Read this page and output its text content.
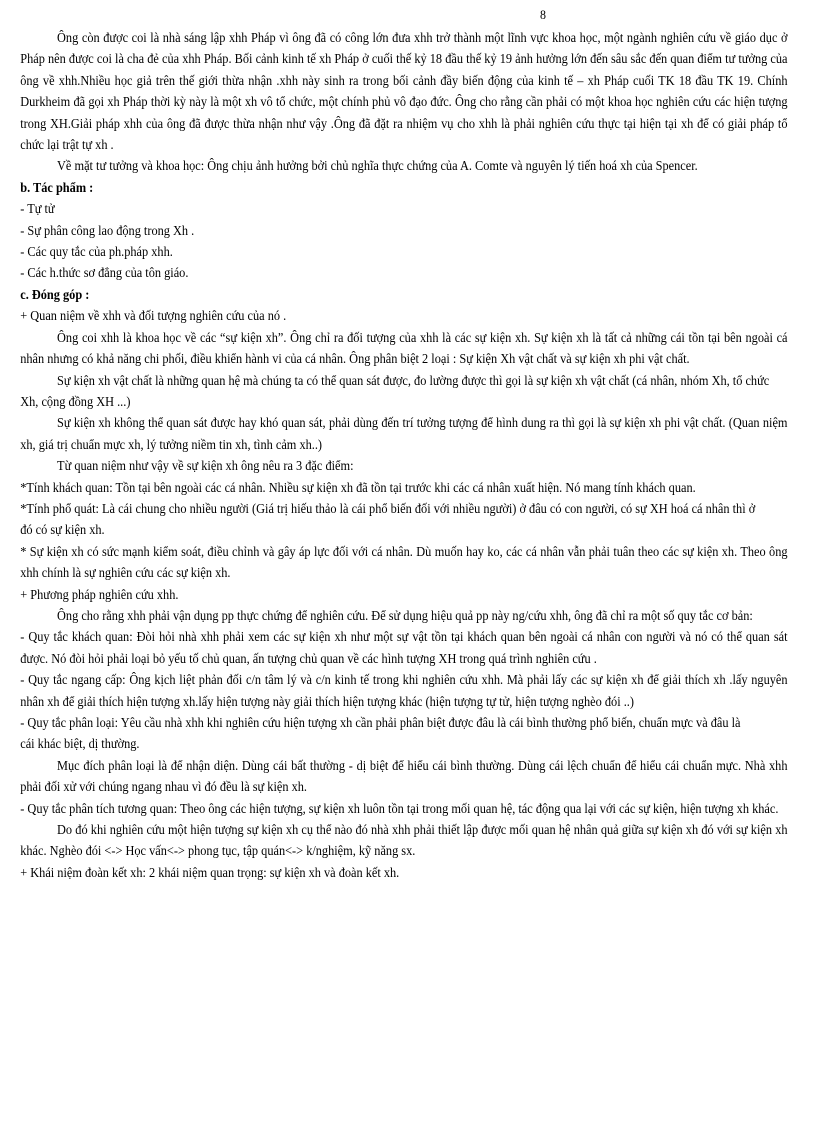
8

Ông còn được coi là nhà sáng lập xhh Pháp vì ông đã có công lớn đưa xhh trở thành một lĩnh vực khoa học, một ngành nghiên cứu về giáo dục ở Pháp nên được coi là cha đẻ của xhh Pháp. Bối cảnh kinh tế xh Pháp ở cuối thế kỷ 18 đầu thế kỷ 19 ảnh hưởng lớn đến sâu sắc đến quan điểm tư tưởng của ông về xhh.Nhiều học giả trên thế giới thừa nhận .xhh này sinh ra trong bối cảnh đầy biến động của kinh tế – xh Pháp cuối TK 18 đầu TK 19. Chính Durkheim đã gọi xh Pháp thời kỳ này là một xh vô tổ chức, một chính phủ vô đạo đức. Ông cho rằng cần phải có một khoa học nghiên cứu các hiện tượng trong XH.Giải pháp xhh của ông đã được thừa nhận như vậy .Ông đã đặt ra nhiệm vụ cho xhh là phải nghiên cứu thực tại hiện tại xh để có giải pháp tổ chức lại trật tự xh .

Về mặt tư tưởng và khoa học: Ông chịu ảnh hưởng bởi chủ nghĩa thực chứng của A. Comte và nguyên lý tiến hoá xh của Spencer.

b. Tác phẩm :

- Tự tử

- Sự phân công lao động trong Xh .

- Các quy tắc của ph.pháp xhh.

- Các h.thức sơ đẳng của tôn giáo.

c. Đóng góp :

+ Quan niệm về xhh và đối tượng nghiên cứu của nó .

Ông coi xhh là khoa học về các “sự kiện xh”. Ông chỉ ra đối tượng của xhh là các sự kiện xh. Sự kiện xh là tất cả những cái tồn tại bên ngoài cá nhân nhưng có khả năng chi phối, điều khiển hành vi của cá nhân. Ông phân biệt 2 loại : Sự kiện Xh vật chất và sự kiện xh phi vật chất.

Sự kiện xh vật chất là những quan hệ mà chúng ta có thể quan sát được, đo lường được thì gọi là sự kiện xh vật chất (cá nhân, nhóm Xh, tổ chức

Xh, cộng đồng XH ...)

Sự kiện xh không thể quan sát được hay khó quan sát, phải dùng đến trí tưởng tượng để hình dung ra thì gọi là sự kiện xh phi vật chất. (Quan niệm xh, giá trị chuẩn mực xh, lý tưởng niềm tin xh, tình cảm xh..)

Từ quan niệm như vậy về sự kiện xh ông nêu ra 3 đặc điểm:

*Tính khách quan: Tồn tại bên ngoài các cá nhân. Nhiều sự kiện xh đã tồn tại trước khi các cá nhân xuất hiện. Nó mang tính khách quan.

*Tính phổ quát: Là cái chung cho nhiều người (Giá trị hiếu thảo là cái phổ biến đối với nhiều người) ở đâu có con người, có sự XH hoá cá nhân thì ở

đó có sự kiện xh.

* Sự kiện xh có sức mạnh kiểm soát, điều chỉnh và gây áp lực đối với cá nhân. Dù muốn hay ko, các cá nhân vẫn phải tuân theo các sự kiện xh. Theo ông xhh chính là sự nghiên cứu các sự kiện xh.

+ Phương pháp nghiên cứu xhh.

Ông cho rằng xhh phải vận dụng pp thực chứng để nghiên cứu. Để sử dụng hiệu quả pp này ng/cứu xhh, ông đã chỉ ra một số quy tắc cơ bản:

- Quy tắc khách quan: Đòi hỏi nhà xhh phải xem các sự kiện xh như một sự vật tồn tại khách quan bên ngoài cá nhân con người và nó có thể quan sát được. Nó đòi hỏi phải loại bỏ yếu tố chủ quan, ấn tượng chủ quan về các hình tượng XH trong quá trình nghiên cứu .

- Quy tắc ngang cấp: Ông kịch liệt phản đối c/n tâm lý và c/n kinh tế trong khi nghiên cứu xhh. Mà phải lấy các sự kiện xh để giải thích xh .lấy nguyên nhân xh để giải thích hiện tượng xh.lấy hiện tượng này giải thích hiện tượng khác (hiện tượng tự tử, hiện tượng nghèo đói ..)

- Quy tắc phân loại: Yêu cầu nhà xhh khi nghiên cứu hiện tượng xh cần phải phân biệt được đâu là cái bình thường phổ biến, chuẩn mực và đâu là

cái khác biệt, dị thường.

Mục đích phân loại là để nhận diện. Dùng cái bất thường - dị biệt để hiểu cái bình thường. Dùng cái lệch chuẩn để hiểu cái chuẩn mực. Nhà xhh phải đối xử với chúng ngang nhau vì đó đều là sự kiện xh.

- Quy tắc phân tích tương quan: Theo ông các hiện tượng, sự kiện xh luôn tồn tại trong mối quan hệ, tác động qua lại với các sự kiện, hiện tượng xh khác.

Do đó khi nghiên cứu một hiện tượng sự kiện xh cụ thể nào đó nhà xhh phải thiết lập được mối quan hệ nhân quả giữa sự kiện xh đó với sự kiện xh khác. Nghèo đói <-> Học vấn<-> phong tục, tập quán<-> k/nghiệm, kỹ năng sx.

+ Khái niệm đoàn kết xh: 2 khái niệm quan trọng: sự kiện xh và đoàn kết xh.
